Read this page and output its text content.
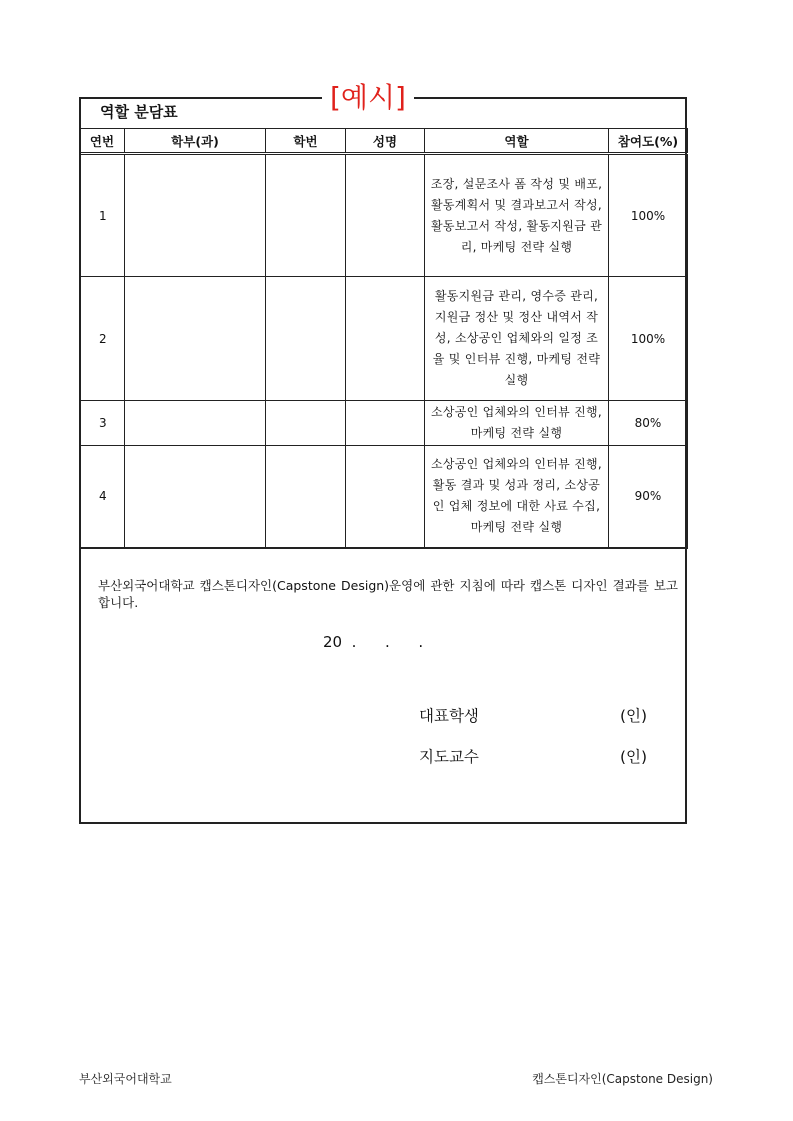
역할 분담표	[예시]
연번	학부(과)	학번	성명	역할	참여도(%)
1				조장, 설문조사 폼 작성 및 배포, 활동계획서 및 결과보고서 작성, 활동보고서 작성, 활동지원금 관리, 마케팅 전략 실행	100%
2				활동지원금 관리, 영수증 관리, 지원금 정산 및 정산 내역서 작성, 소상공인 업체와의 일정 조율 및 인터뷰 진행, 마케팅 전략 실행	100%
3				소상공인 업체와의 인터뷰 진행, 마케팅 전략 실행	80%
4				소상공인 업체와의 인터뷰 진행, 활동 결과 및 성과 정리, 소상공인 업체 정보에 대한 사료 수집, 마케팅 전략 실행	90%
부산외국어대학교 캡스톤디자인(Capstone Design)운영에 관한 지침에 따라 캡스톤 디자인 결과를 보고합니다.
20  .      .      .
대표학생	(인)
지도교수	(인)
부산외국어대학교	캡스톤디자인(Capstone Design)
